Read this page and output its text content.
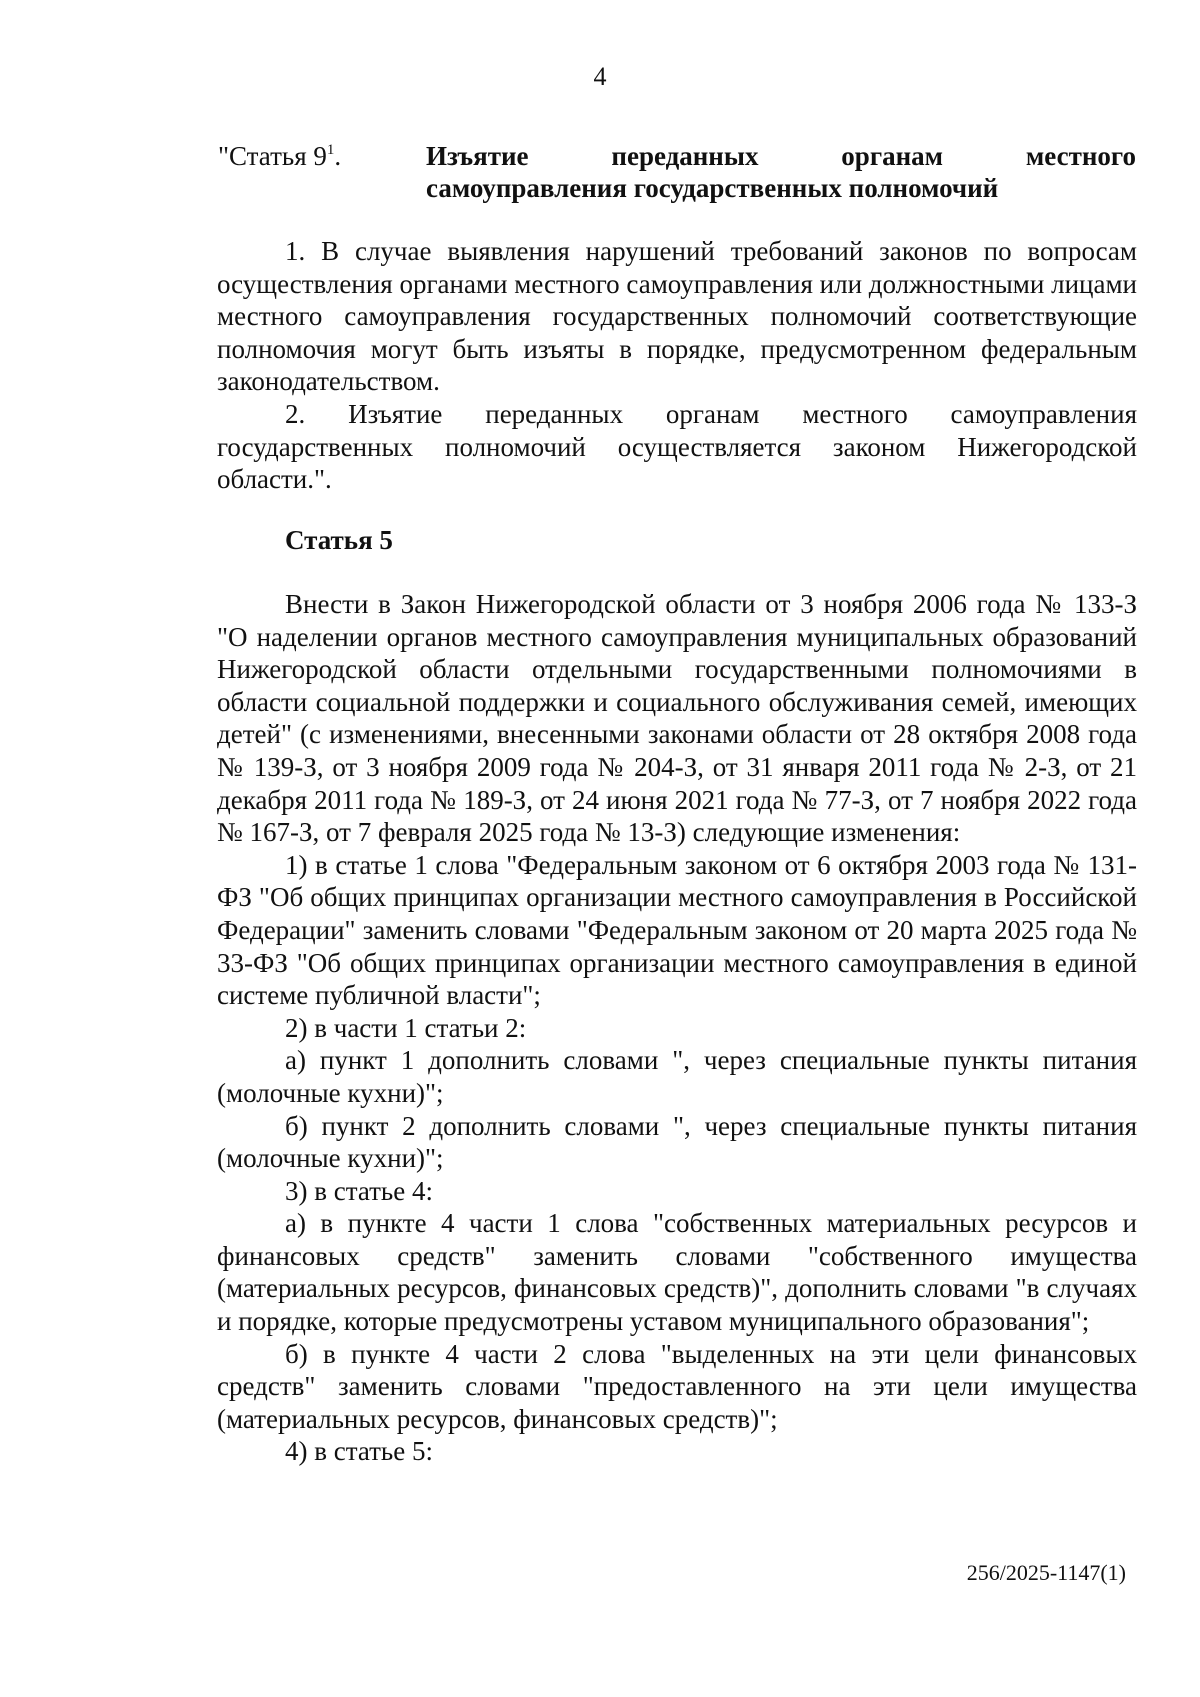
4
"Статья $9^1$.	Изъятие переданных органам местного
самоуправления государственных полномочий

1. В случае выявления нарушений требований законов по вопросам осуществления органами местного самоуправления или должностными лицами местного самоуправления государственных полномочий соответствующие полномочия могут быть изъяты в порядке, предусмотренном федеральным законодательством.

2. Изъятие переданных органам местного самоуправления государственных полномочий осуществляется законом Нижегородской области.".

Статья 5

Внести в Закон Нижегородской области от 3 ноября 2006 года № 133-З "О наделении органов местного самоуправления муниципальных образований Нижегородской области отдельными государственными полномочиями в области социальной поддержки и социального обслуживания семей, имеющих детей" (с изменениями, внесенными законами области от 28 октября 2008 года № 139-З, от 3 ноября 2009 года № 204-З, от 31 января 2011 года № 2-З, от 21 декабря 2011 года № 189-З, от 24 июня 2021 года № 77-З, от 7 ноября 2022 года № 167-З, от 7 февраля 2025 года № 13-З) следующие изменения:

1) в статье 1 слова "Федеральным законом от 6 октября 2003 года № 131-ФЗ "Об общих принципах организации местного самоуправления в Российской Федерации" заменить словами "Федеральным законом от 20 марта 2025 года № 33-ФЗ "Об общих принципах организации местного самоуправления в единой системе публичной власти";

2) в части 1 статьи 2:

а) пункт 1 дополнить словами ", через специальные пункты питания (молочные кухни)";

б) пункт 2 дополнить словами ", через специальные пункты питания (молочные кухни)";

3) в статье 4:

а) в пункте 4 части 1 слова "собственных материальных ресурсов и финансовых средств" заменить словами "собственного имущества (материальных ресурсов, финансовых средств)", дополнить словами "в случаях и порядке, которые предусмотрены уставом муниципального образования";

б) в пункте 4 части 2 слова "выделенных на эти цели финансовых средств" заменить словами "предоставленного на эти цели имущества (материальных ресурсов, финансовых средств)";

4) в статье 5:

256/2025-1147(1)
